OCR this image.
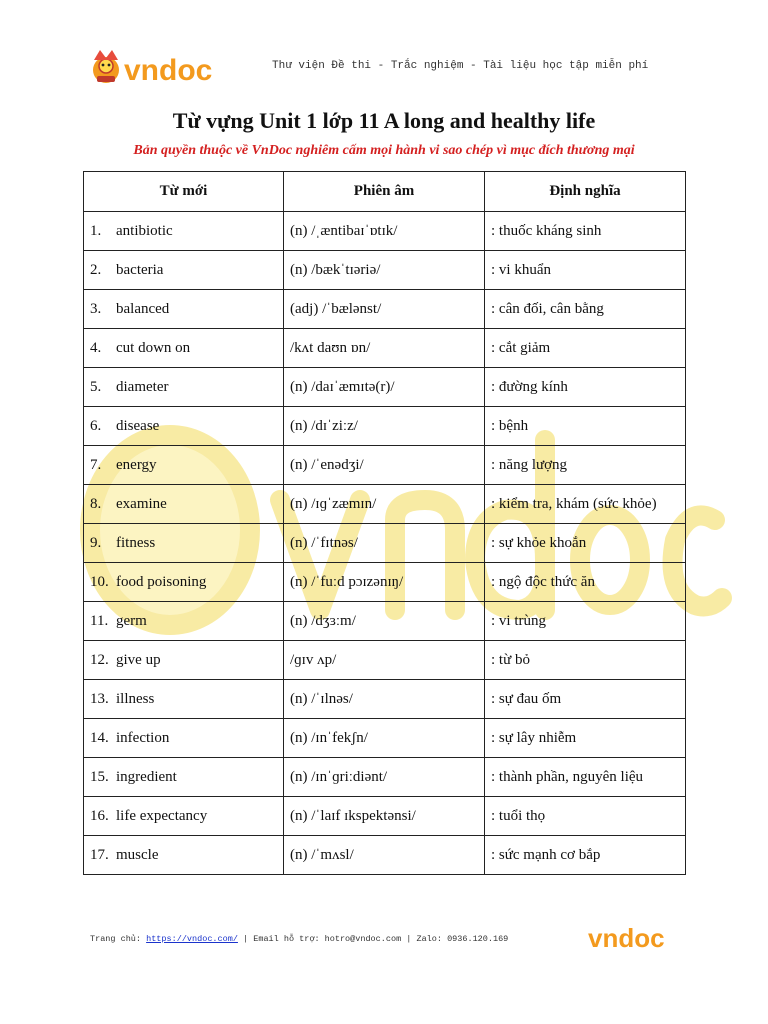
vndoc	Thư viện Đề thi - Trắc nghiệm - Tài liệu học tập miễn phí
Từ vựng Unit 1 lớp 11 A long and healthy life
Bản quyền thuộc về VnDoc nghiêm cấm mọi hành vi sao chép vì mục đích thương mại
Từ mới	Phiên âm	Định nghĩa
1. antibiotic	(n) /ˌæntibaɪˈɒtɪk/	: thuốc kháng sinh
2. bacteria	(n) /bækˈtɪəriə/	: vi khuẩn
3. balanced	(adj) /ˈbælənst/	: cân đối, cân bằng
4. cut down on	/kʌt daʊn ɒn/	: cắt giảm
5. diameter	(n) /daɪˈæmɪtə(r)/	: đường kính
6. disease	(n) /dɪˈziːz/	: bệnh
7. energy	(n) /ˈenədʒi/	: năng lượng
8. examine	(n) /ɪɡˈzæmɪn/	: kiểm tra, khám (sức khỏe)
9. fitness	(n) /ˈfɪtnəs/	: sự khỏe khoắn
10. food poisoning	(n) /ˈfuːd pɔɪzənɪŋ/	: ngộ độc thức ăn
11. germ	(n) /dʒɜːm/	: vi trùng
12. give up	/ɡɪv ʌp/	: từ bỏ
13. illness	(n) /ˈɪlnəs/	: sự đau ốm
14. infection	(n) /ɪnˈfekʃn/	: sự lây nhiễm
15. ingredient	(n) /ɪnˈɡriːdiənt/	: thành phần, nguyên liệu
16. life expectancy	(n) /ˈlaɪf ɪkspektənsi/	: tuổi thọ
17. muscle	(n) /ˈmʌsl/	: sức mạnh cơ bắp
Trang chủ: https://vndoc.com/ | Email hỗ trợ: hotro@vndoc.com | Zalo: 0936.120.169	vndoc
